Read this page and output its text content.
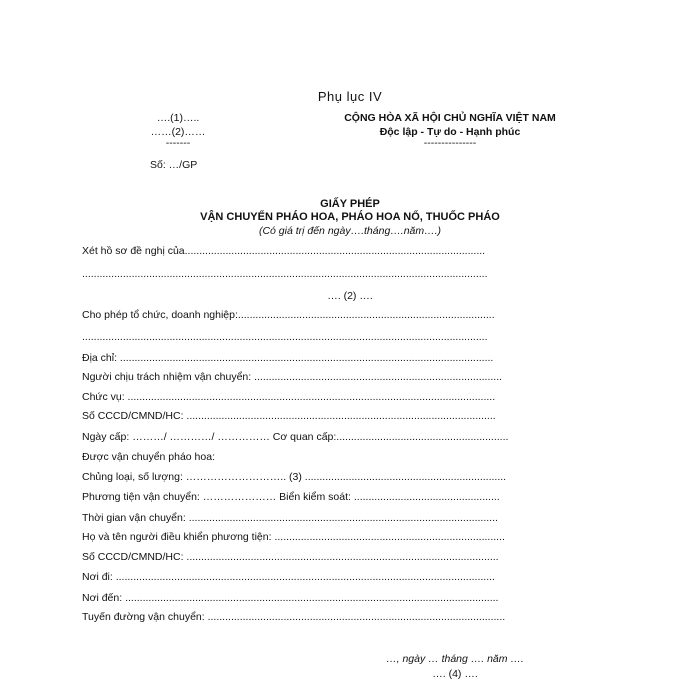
Phụ lục IV
….(1)…..
……(2)……
-------
CỘNG HÒA XÃ HỘI CHỦ NGHĨA VIỆT NAM
Độc lập - Tự do - Hạnh phúc
---------------
Số: …/GP
GIẤY PHÉP
VẬN CHUYỂN PHÁO HOA, PHÁO HOA NỔ, THUỐC PHÁO
(Có giá trị đến ngày….tháng….năm….)
Xét hồ sơ đề nghị của.......................................................................................................
...........................................................................................................................................
…. (2) ….
Cho phép tổ chức, doanh nghiệp:........................................................................................
...........................................................................................................................................
Địa chỉ: ................................................................................................................................
Người chịu trách nhiệm vận chuyển: .....................................................................................
Chức vụ: ..............................................................................................................................
Số CCCD/CMND/HC: ..........................................................................................................
Ngày cấp: ………/ …………/ …………… Cơ quan cấp:...........................................................
Được vận chuyển pháo hoa:
Chủng loại, số lượng: ……………………….. (3) .....................................................................
Phương tiện vận chuyển: ………………… Biển kiểm soát: ..................................................
Thời gian vận chuyển: ..........................................................................................................
Họ và tên người điều khiển phương tiện: ...............................................................................
Số CCCD/CMND/HC: ...........................................................................................................
Nơi đi: ..................................................................................................................................
Nơi đến: ................................................................................................................................
Tuyến đường vận chuyển: ......................................................................................................
…, ngày … tháng …. năm ….
…. (4) ….
